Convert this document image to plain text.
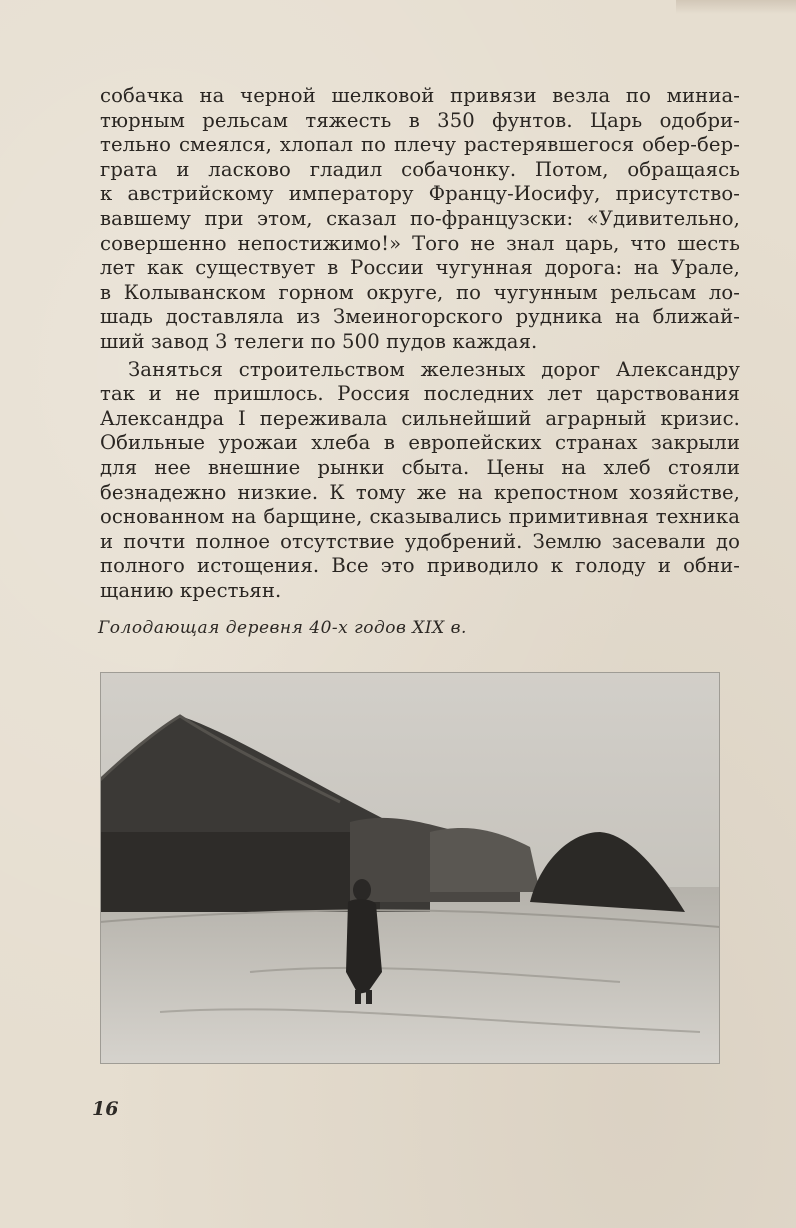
собачка на черной шелковой привязи везла по миниа-
тюрным рельсам тяжесть в 350 фунтов. Царь одобри-
тельно смеялся, хлопал по плечу растерявшегося обер-бер-
грата и ласково гладил собачонку. Потом, обращаясь
к австрийскому императору Францу-Иосифу, присутство-
вавшему при этом, сказал по-французски: «Удивительно,
совершенно непостижимо!» Того не знал царь, что шесть
лет как существует в России чугунная дорога: на Урале,
в Колыванском горном округе, по чугунным рельсам ло-
шадь доставляла из Змеиногорского рудника на ближай-
ший завод 3 телеги по 500 пудов каждая.

Заняться строительством железных дорог Александру
так и не пришлось. Россия последних лет царствования
Александра I переживала сильнейший аграрный кризис.
Обильные урожаи хлеба в европейских странах закрыли
для нее внешние рынки сбыта. Цены на хлеб стояли
безнадежно низкие. К тому же на крепостном хозяйстве,
основанном на барщине, сказывались примитивная техника
и почти полное отсутствие удобрений. Землю засевали до
полного истощения. Все это приводило к голоду и обни-
щанию крестьян.

Голодающая деревня 40-х годов XIX в.
16
